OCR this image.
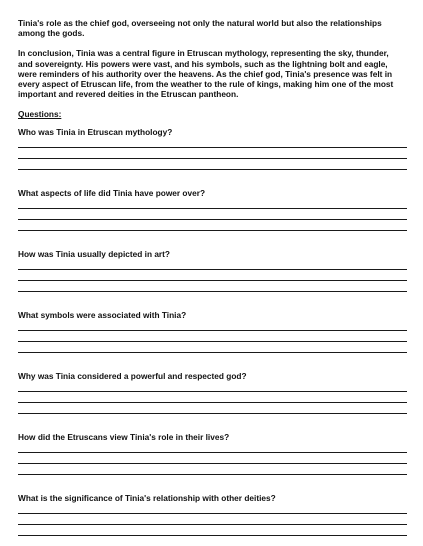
Tinia's role as the chief god, overseeing not only the natural world but also the relationships among the gods.

In conclusion, Tinia was a central figure in Etruscan mythology, representing the sky, thunder, and sovereignty. His powers were vast, and his symbols, such as the lightning bolt and eagle, were reminders of his authority over the heavens. As the chief god, Tinia's presence was felt in every aspect of Etruscan life, from the weather to the rule of kings, making him one of the most important and revered deities in the Etruscan pantheon.

Questions:
Who was Tinia in Etruscan mythology?
What aspects of life did Tinia have power over?
How was Tinia usually depicted in art?
What symbols were associated with Tinia?
Why was Tinia considered a powerful and respected god?
How did the Etruscans view Tinia's role in their lives?
What is the significance of Tinia's relationship with other deities?
